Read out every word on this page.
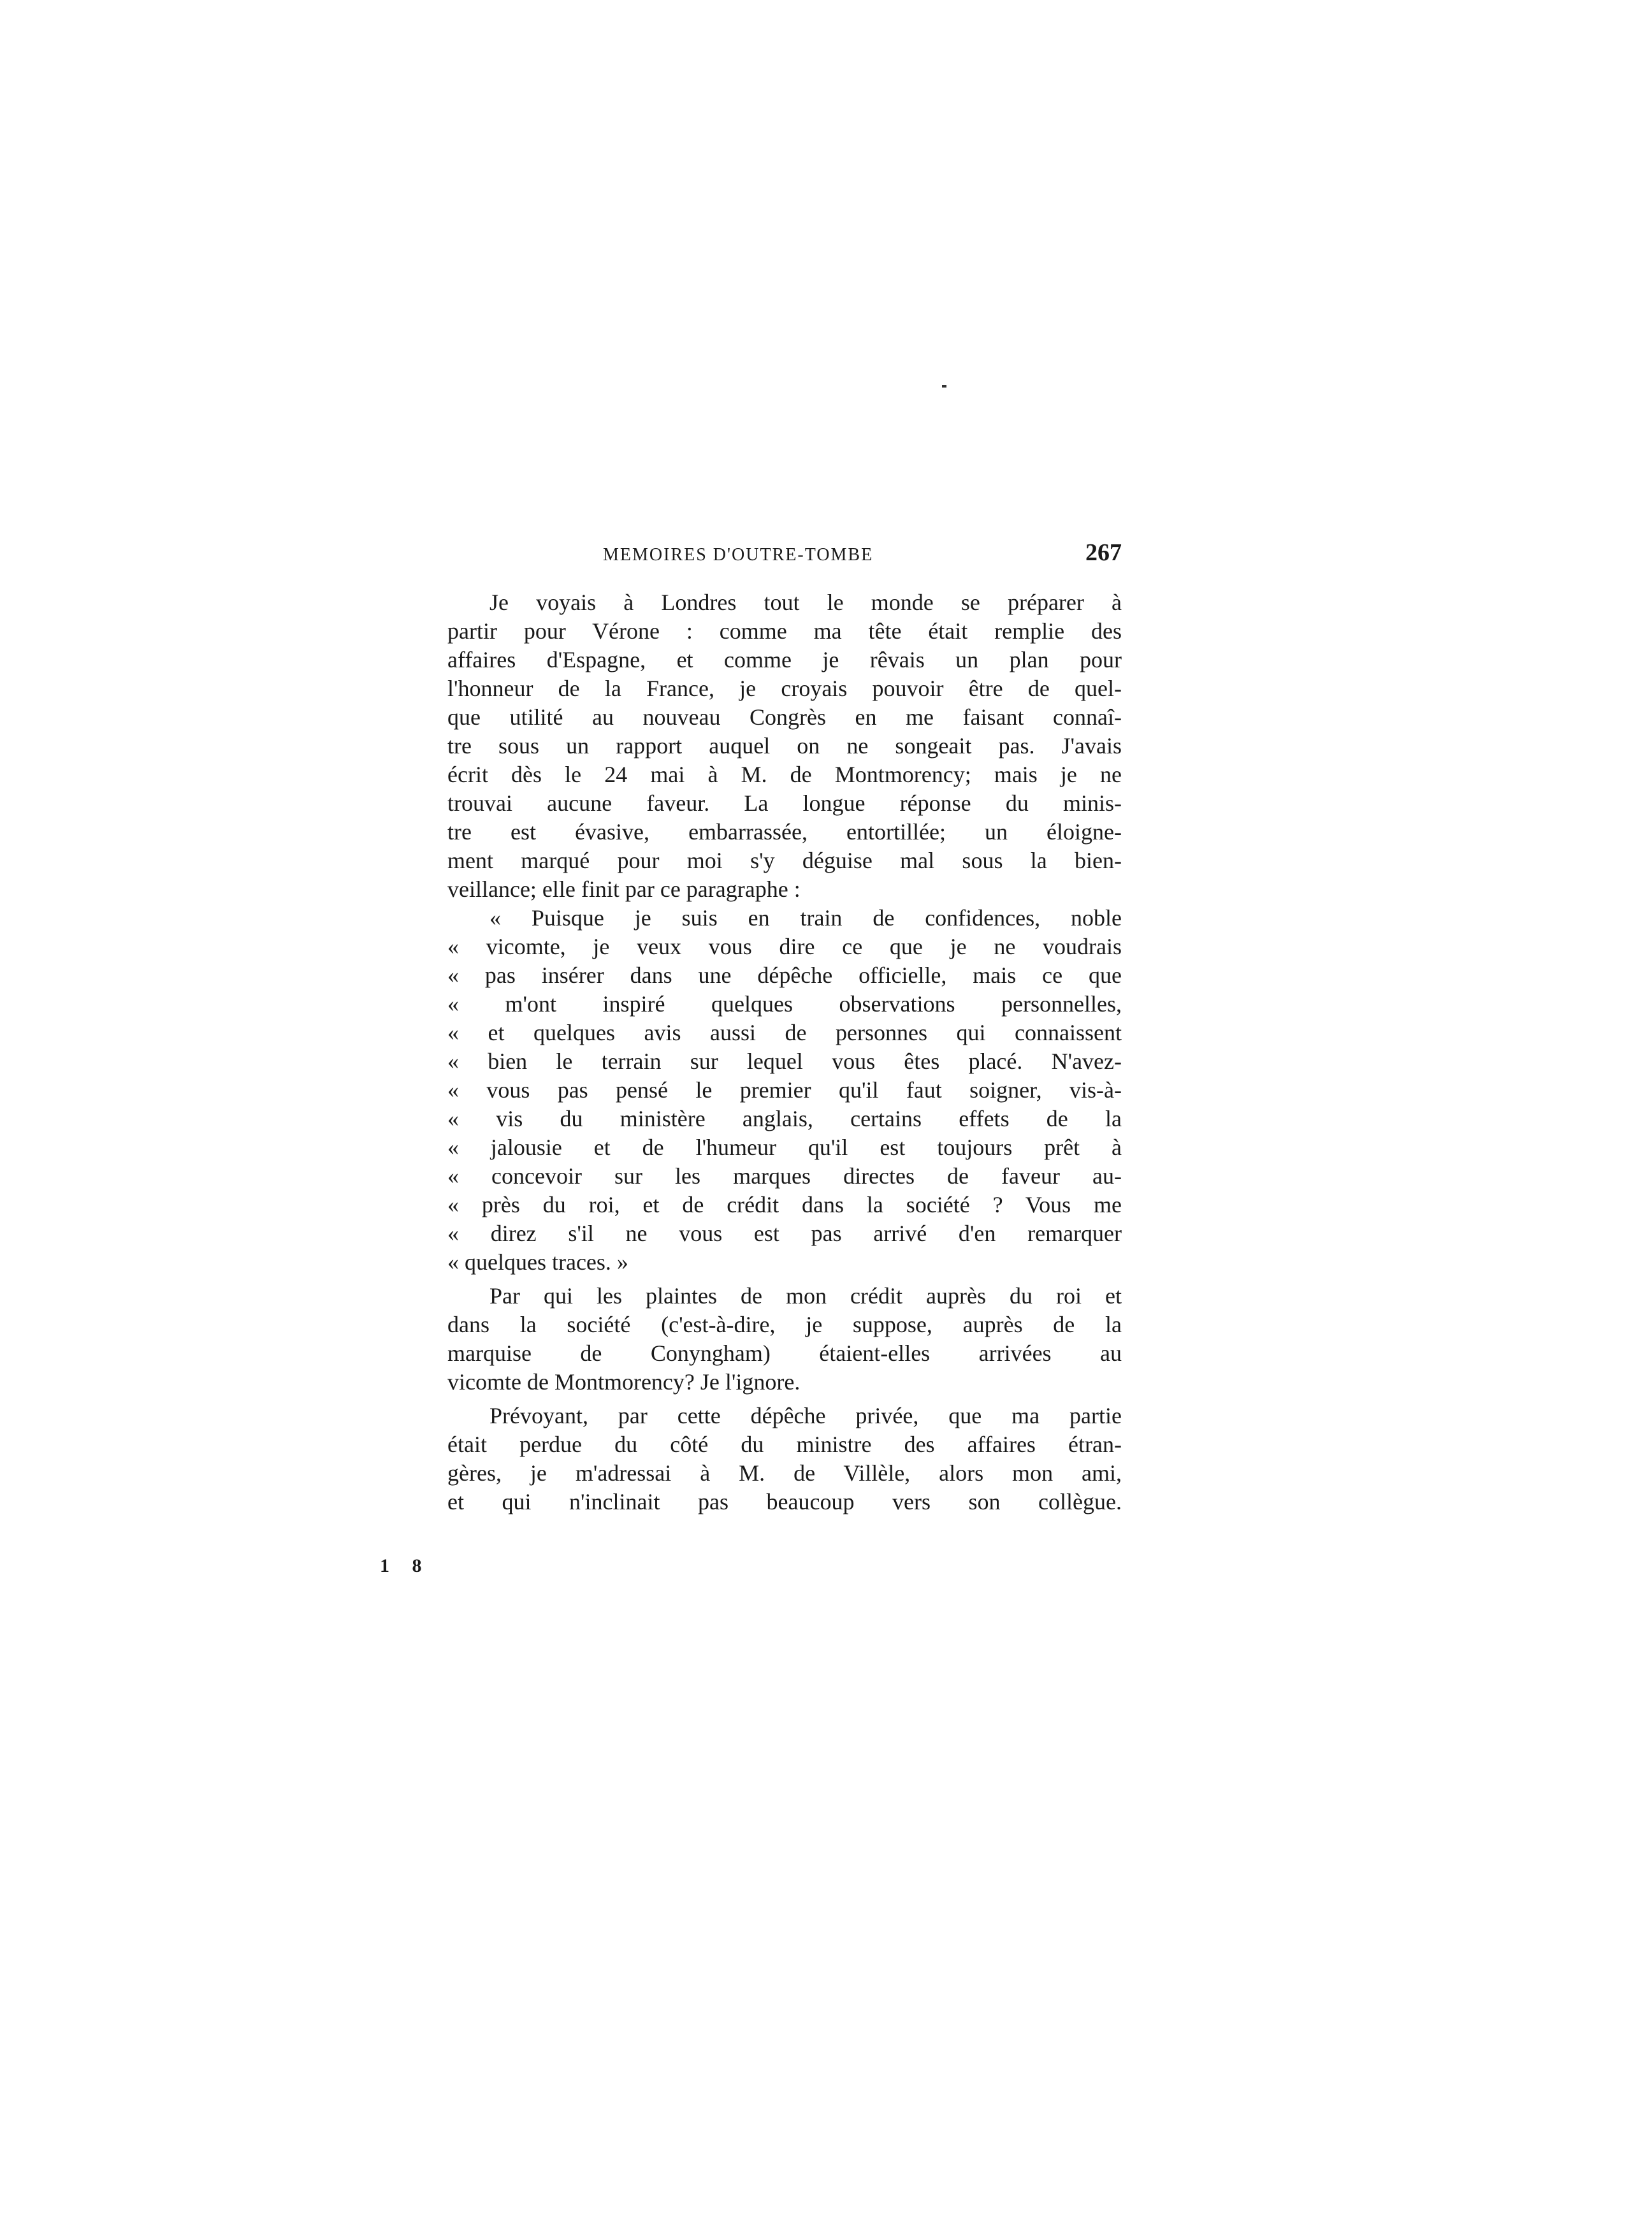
MEMOIRES D'OUTRE-TOMBE	267
Je voyais à Londres tout le monde se préparer à
partir pour Vérone : comme ma tête était remplie des
affaires d'Espagne, et comme je rêvais un plan pour
l'honneur de la France, je croyais pouvoir être de quel-
que utilité au nouveau Congrès en me faisant connaî-
tre sous un rapport auquel on ne songeait pas. J'avais
écrit dès le 24 mai à M. de Montmorency; mais je ne
trouvai aucune faveur. La longue réponse du minis-
tre est évasive, embarrassée, entortillée; un éloigne-
ment marqué pour moi s'y déguise mal sous la bien-
veillance; elle finit par ce paragraphe :
« Puisque je suis en train de confidences, noble
« vicomte, je veux vous dire ce que je ne voudrais
« pas insérer dans une dépêche officielle, mais ce que
« m'ont inspiré quelques observations personnelles,
« et quelques avis aussi de personnes qui connaissent
« bien le terrain sur lequel vous êtes placé. N'avez-
« vous pas pensé le premier qu'il faut soigner, vis-à-
« vis du ministère anglais, certains effets de la
« jalousie et de l'humeur qu'il est toujours prêt à
« concevoir sur les marques directes de faveur au-
« près du roi, et de crédit dans la société ? Vous me
« direz s'il ne vous est pas arrivé d'en remarquer
« quelques traces. »
Par qui les plaintes de mon crédit auprès du roi et
dans la société (c'est-à-dire, je suppose, auprès de la
marquise de Conyngham) étaient-elles arrivées au
vicomte de Montmorency? Je l'ignore.
Prévoyant, par cette dépêche privée, que ma partie
était perdue du côté du ministre des affaires étran-
gères, je m'adressai à M. de Villèle, alors mon ami,
et qui n'inclinait pas beaucoup vers son collègue.
1 8
